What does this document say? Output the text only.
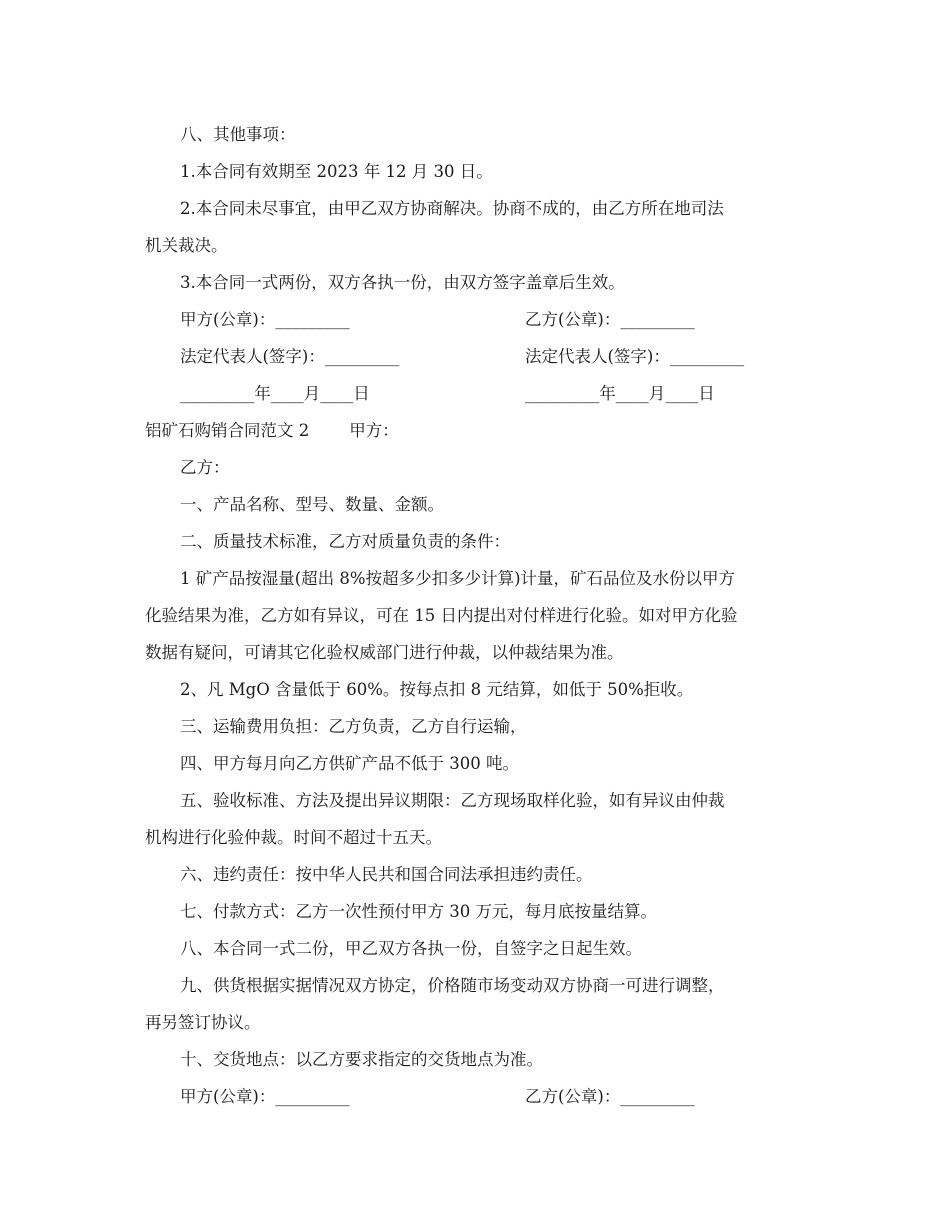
八、其他事项：
1.本合同有效期至 2023 年 12 月 30 日。
2.本合同未尽事宜，由甲乙双方协商解决。协商不成的，由乙方所在地司法
机关裁决。
3.本合同一式两份，双方各执一份，由双方签字盖章后生效。
甲方(公章)：_________	乙方(公章)：_________
法定代表人(签字)：_________	法定代表人(签字)：_________
_________年____月____日	_________年____月____日
铝矿石购销合同范文 2 甲方：
乙方：
一、产品名称、型号、数量、金额。
二、质量技术标准，乙方对质量负责的条件：
1 矿产品按湿量(超出 8%按超多少扣多少计算)计量，矿石品位及水份以甲方
化验结果为准，乙方如有异议，可在 15 日内提出对付样进行化验。如对甲方化验
数据有疑问，可请其它化验权威部门进行仲裁，以仲裁结果为准。
2、凡 MgO 含量低于 60%。按每点扣 8 元结算，如低于 50%拒收。
三、运输费用负担：乙方负责，乙方自行运输，
四、甲方每月向乙方供矿产品不低于 300 吨。
五、验收标准、方法及提出异议期限：乙方现场取样化验，如有异议由仲裁
机构进行化验仲裁。时间不超过十五天。
六、违约责任：按中华人民共和国合同法承担违约责任。
七、付款方式：乙方一次性预付甲方 30 万元，每月底按量结算。
八、本合同一式二份，甲乙双方各执一份，自签字之日起生效。
九、供货根据实据情况双方协定，价格随市场变动双方协商一可进行调整，
再另签订协议。
十、交货地点：以乙方要求指定的交货地点为准。
甲方(公章)：_________	乙方(公章)：_________
